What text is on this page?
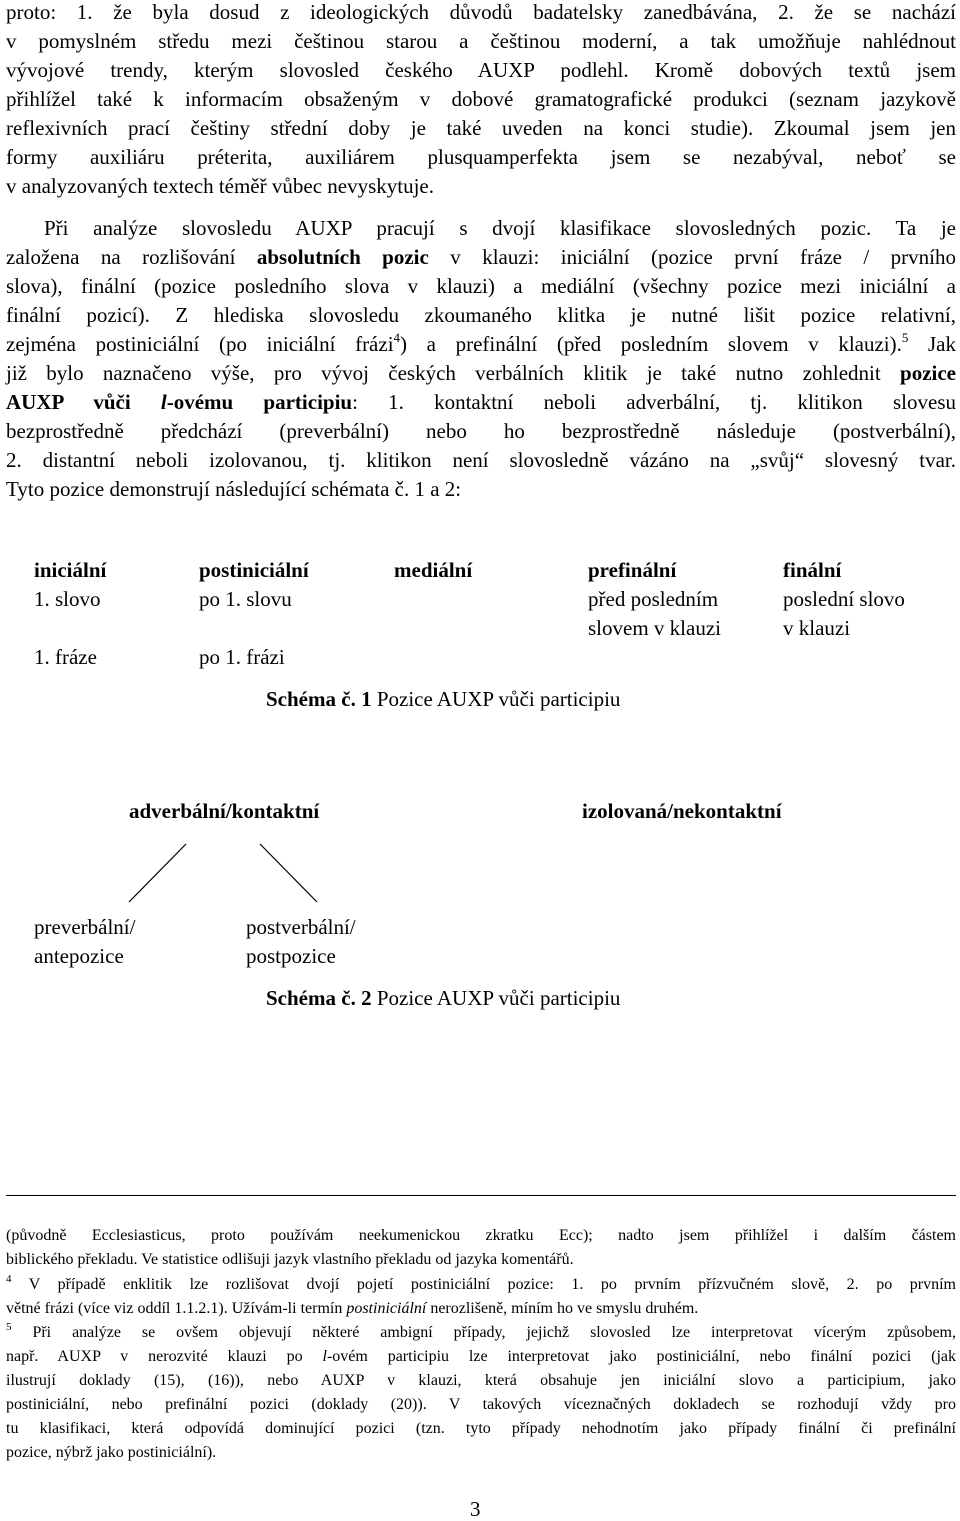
proto: 1. že byla dosud z ideologických důvodů badatelsky zanedbávána, 2. že se nachází
v pomyslném středu mezi češtinou starou a češtinou moderní, a tak umožňuje nahlédnout
vývojové trendy, kterým slovosled českého AUXP podlehl. Kromě dobových textů jsem
přihlížel také k informacím obsaženým v dobové gramatografické produkci (seznam jazykově
reflexivních prací češtiny střední doby je také uveden na konci studie). Zkoumal jsem jen
formy auxiliáru préterita, auxiliárem plusquamperfekta jsem se nezabýval, neboť se
v analyzovaných textech téměř vůbec nevyskytuje.
Při analýze slovosledu AUXP pracují s dvojí klasifikace slovosledných pozic. Ta je
založena na rozlišování absolutních pozic v klauzi: iniciální (pozice první fráze / prvního
slova), finální (pozice posledního slova v klauzi) a mediální (všechny pozice mezi iniciální a
finální pozicí). Z hlediska slovosledu zkoumaného klitka je nutné lišit pozice relativní,
zejména postiniciální (po iniciální frázi$^4$) a prefinální (před posledním slovem v klauzi).$^5$ Jak
již bylo naznačeno výše, pro vývoj českých verbálních klitik je také nutno zohlednit pozice
AUXP vůči l-ovému participiu: 1. kontaktní neboli adverbální, tj. klitikon slovesu
bezprostředně předchází (preverbální) nebo ho bezprostředně následuje (postverbální),
2. distantní neboli izolovanou, tj. klitikon není slovosledně vázáno na „svůj“ slovesný tvar.
Tyto pozice demonstrují následující schémata č. 1 a 2:
iniciální
1. slovo
1. fráze
postiniciální
po 1. slovu
po 1. frázi
mediální	prefinální
před posledním
slovem v klauzi
finální
poslední slovo
v klauzi
Schéma č. 1 Pozice AUXP vůči participiu
adverbální/kontaktní	izolovaná/nekontaktní
preverbální/
antepozice
postverbální/
postpozice
Schéma č. 2 Pozice AUXP vůči participiu
(původně Ecclesiasticus, proto používám neekumenickou zkratku Ecc); nadto jsem přihlížel i dalším částem
biblického překladu. Ve statistice odlišuji jazyk vlastního překladu od jazyka komentářů.
$^4$ V případě enklitik lze rozlišovat dvojí pojetí postiniciální pozice: 1. po prvním přízvučném slově, 2. po prvním
větné frázi (více viz oddíl 1.1.2.1). Užívám-li termín postiniciální nerozlišeně, míním ho ve smyslu druhém.
$^5$ Při analýze se ovšem objevují některé ambigní případy, jejichž slovosled lze interpretovat vícerým způsobem,
např. AUXP v nerozvité klauzi po l-ovém participiu lze interpretovat jako postiniciální, nebo finální pozici (jak
ilustrují doklady (15), (16)), nebo AUXP v klauzi, která obsahuje jen iniciální slovo a participium, jako
postiniciální, nebo prefinální pozici (doklady (20)). V takových víceznačných dokladech se rozhodují vždy pro
tu klasifikaci, která odpovídá dominující pozici (tzn. tyto případy nehodnotím jako případy finální či prefinální
pozice, nýbrž jako postiniciální).
3
